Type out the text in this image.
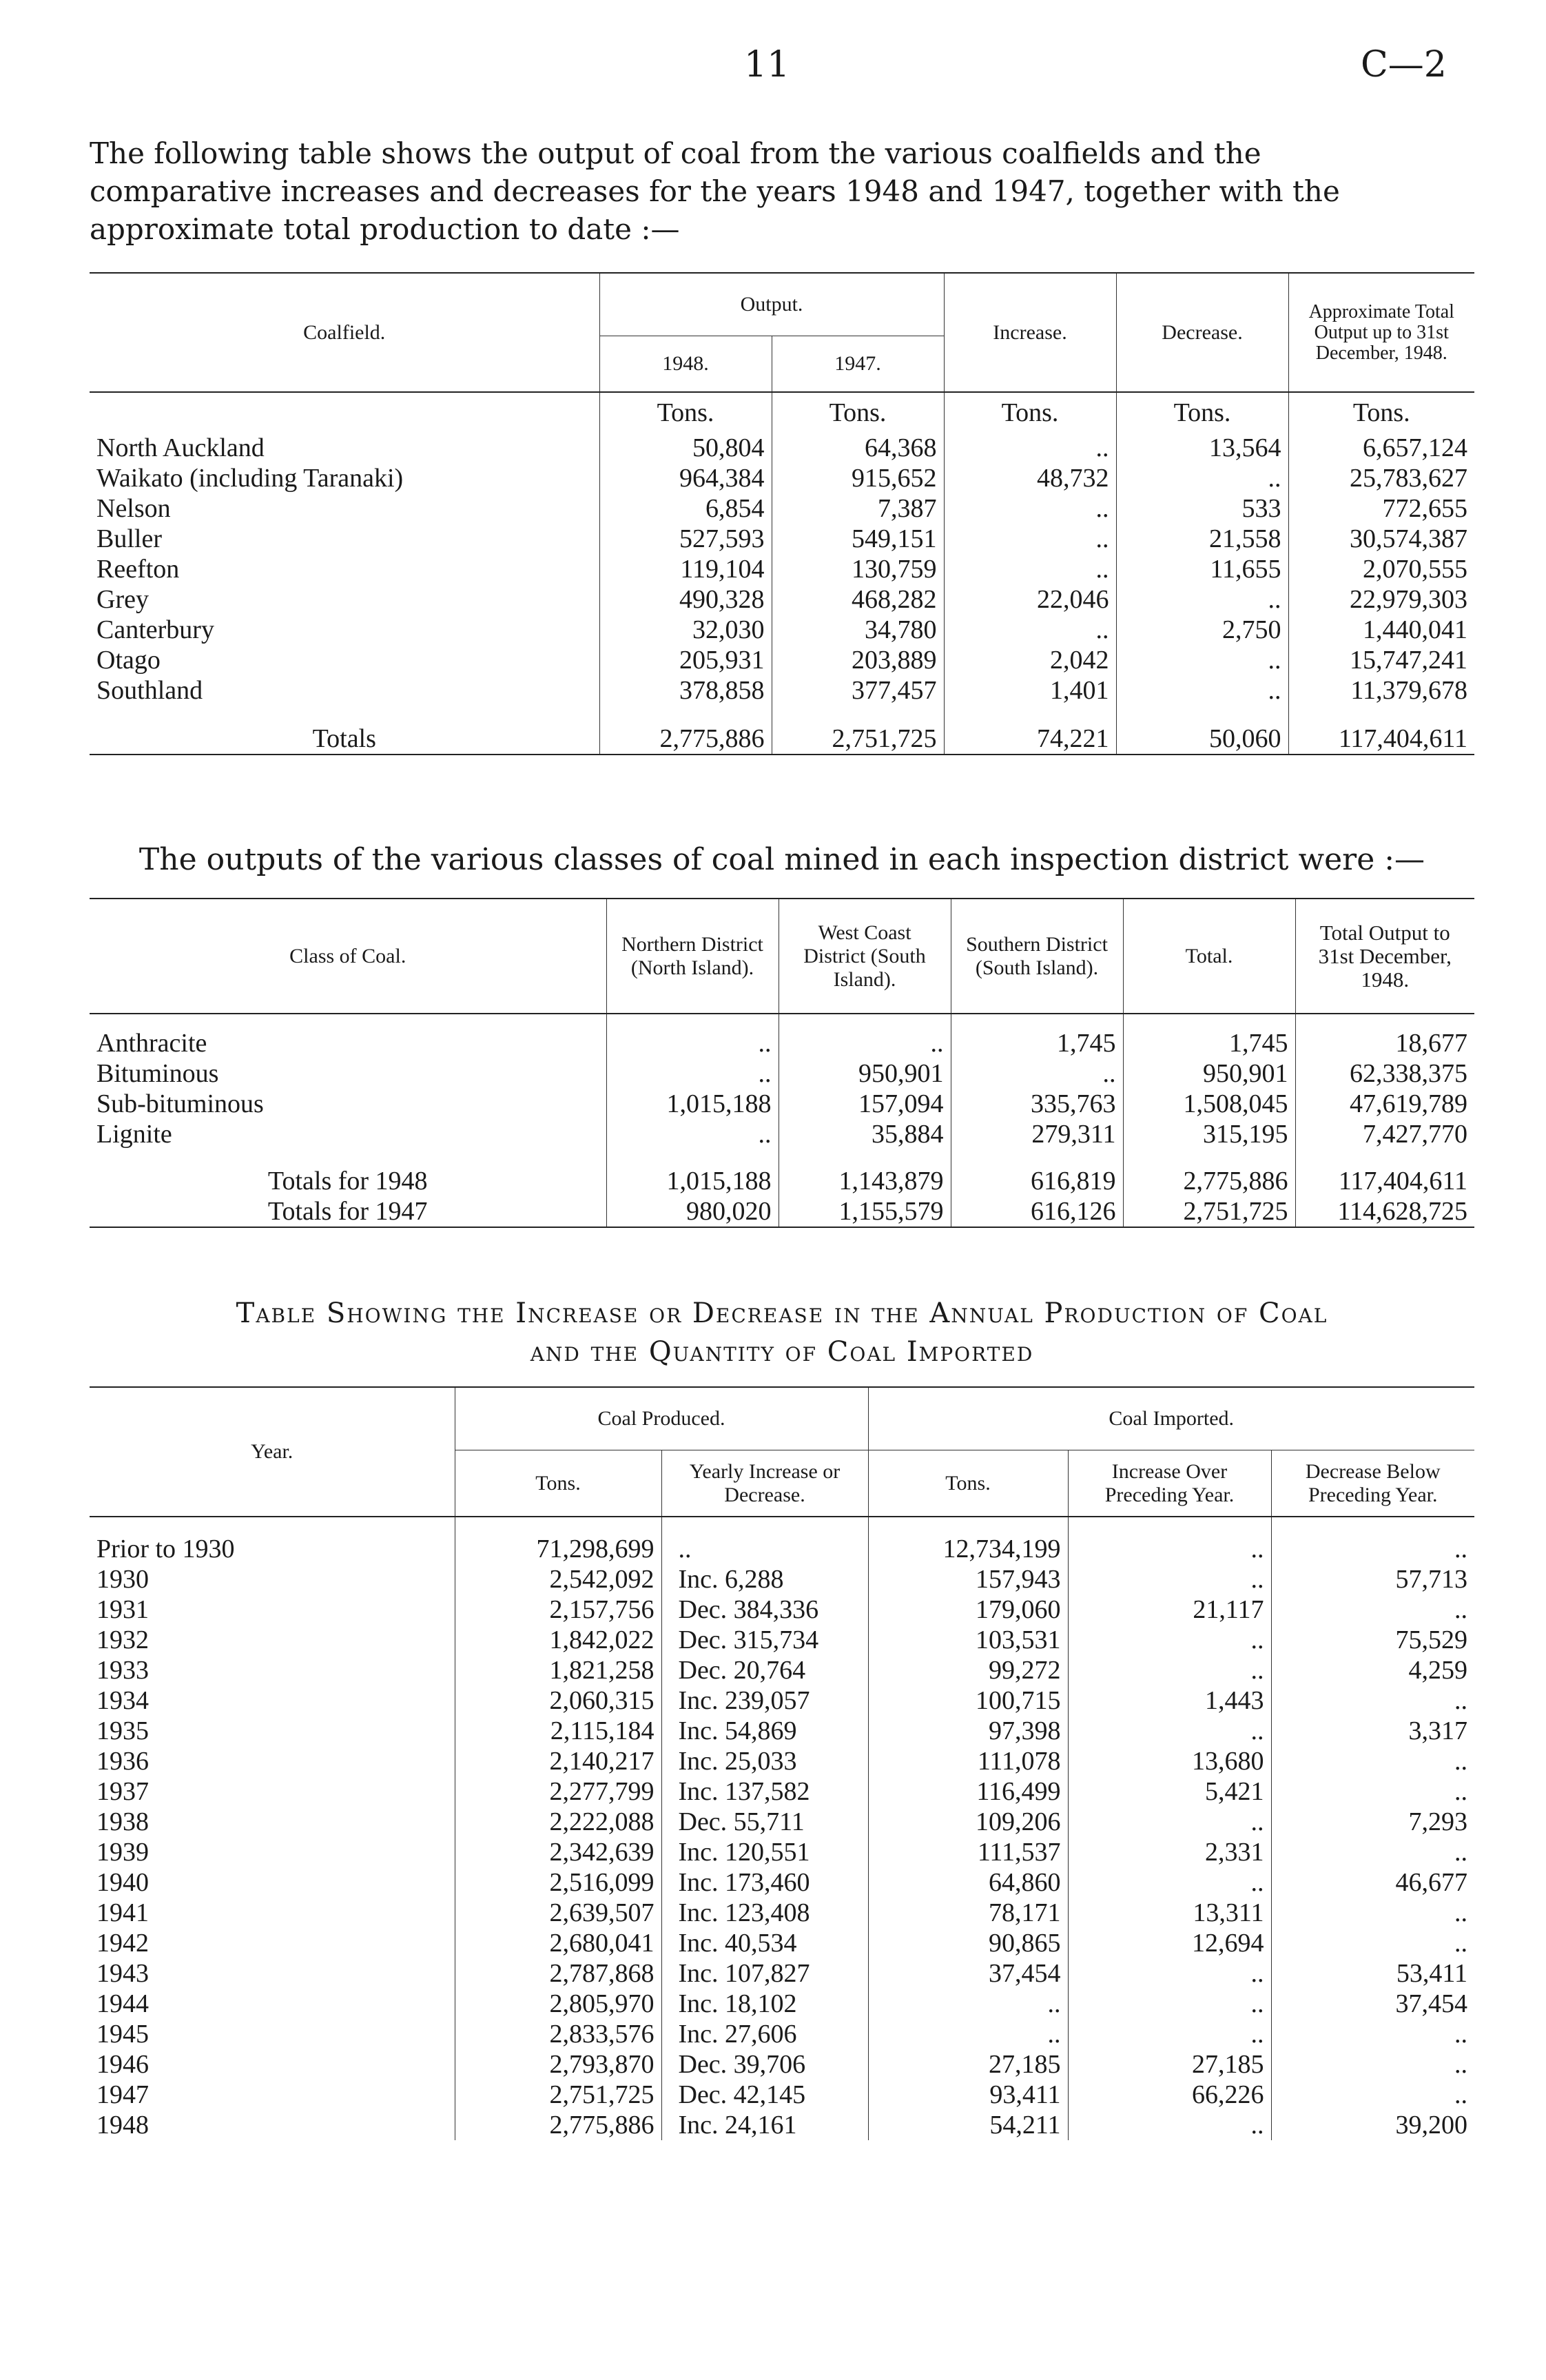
11	C—2
The following table shows the output of coal from the various coalfields and the
comparative increases and decreases for the years 1948 and 1947, together with the
approximate total production to date :—
Coalfield.	Output.		Increase.	Decrease.	Approximate Total Output up to 31st December, 1948.
	1948.	1947.			
	Tons.	Tons.	Tons.	Tons.	Tons.
North Auckland	50,804	64,368	..	13,564	6,657,124
Waikato (including Taranaki)	964,384	915,652	48,732	..	25,783,627
Nelson	6,854	7,387	..	533	772,655
Buller	527,593	549,151	..	21,558	30,574,387
Reefton	119,104	130,759	..	11,655	2,070,555
Grey	490,328	468,282	22,046	..	22,979,303
Canterbury	32,030	34,780	..	2,750	1,440,041
Otago	205,931	203,889	2,042	..	15,747,241
Southland	378,858	377,457	1,401	..	11,379,678
Totals	2,775,886	2,751,725	74,221	50,060	117,404,611
The outputs of the various classes of coal mined in each inspection district were :—
Class of Coal.	Northern District (North Island).	West Coast District (South Island).	Southern District (South Island).	Total.	Total Output to 31st December, 1948.

Anthracite	..	..	1,745	1,745	18,677
Bituminous	..	950,901	..	950,901	62,338,375
Sub-bituminous	1,015,188	157,094	335,763	1,508,045	47,619,789
Lignite	..	35,884	279,311	315,195	7,427,770
Totals for 1948	1,015,188	1,143,879	616,819	2,775,886	117,404,611
Totals for 1947	980,020	1,155,579	616,126	2,751,725	114,628,725
Table Showing the Increase or Decrease in the Annual Production of Coal
and the Quantity of Coal Imported
Year.	Coal Produced.		Coal Imported.		
	Tons.	Yearly Increase or Decrease.	Tons.	Increase Over Preceding Year.	Decrease Below Preceding Year.

Prior to 1930	71,298,699	..	12,734,199	..	..
1930	2,542,092	Inc. 6,288	157,943	..	57,713
1931	2,157,756	Dec. 384,336	179,060	21,117	..
1932	1,842,022	Dec. 315,734	103,531	..	75,529
1933	1,821,258	Dec. 20,764	99,272	..	4,259
1934	2,060,315	Inc. 239,057	100,715	1,443	..
1935	2,115,184	Inc. 54,869	97,398	..	3,317
1936	2,140,217	Inc. 25,033	111,078	13,680	..
1937	2,277,799	Inc. 137,582	116,499	5,421	..
1938	2,222,088	Dec. 55,711	109,206	..	7,293
1939	2,342,639	Inc. 120,551	111,537	2,331	..
1940	2,516,099	Inc. 173,460	64,860	..	46,677
1941	2,639,507	Inc. 123,408	78,171	13,311	..
1942	2,680,041	Inc. 40,534	90,865	12,694	..
1943	2,787,868	Inc. 107,827	37,454	..	53,411
1944	2,805,970	Inc. 18,102	..	..	37,454
1945	2,833,576	Inc. 27,606	..	..	..
1946	2,793,870	Dec. 39,706	27,185	27,185	..
1947	2,751,725	Dec. 42,145	93,411	66,226	..
1948	2,775,886	Inc. 24,161	54,211	..	39,200
